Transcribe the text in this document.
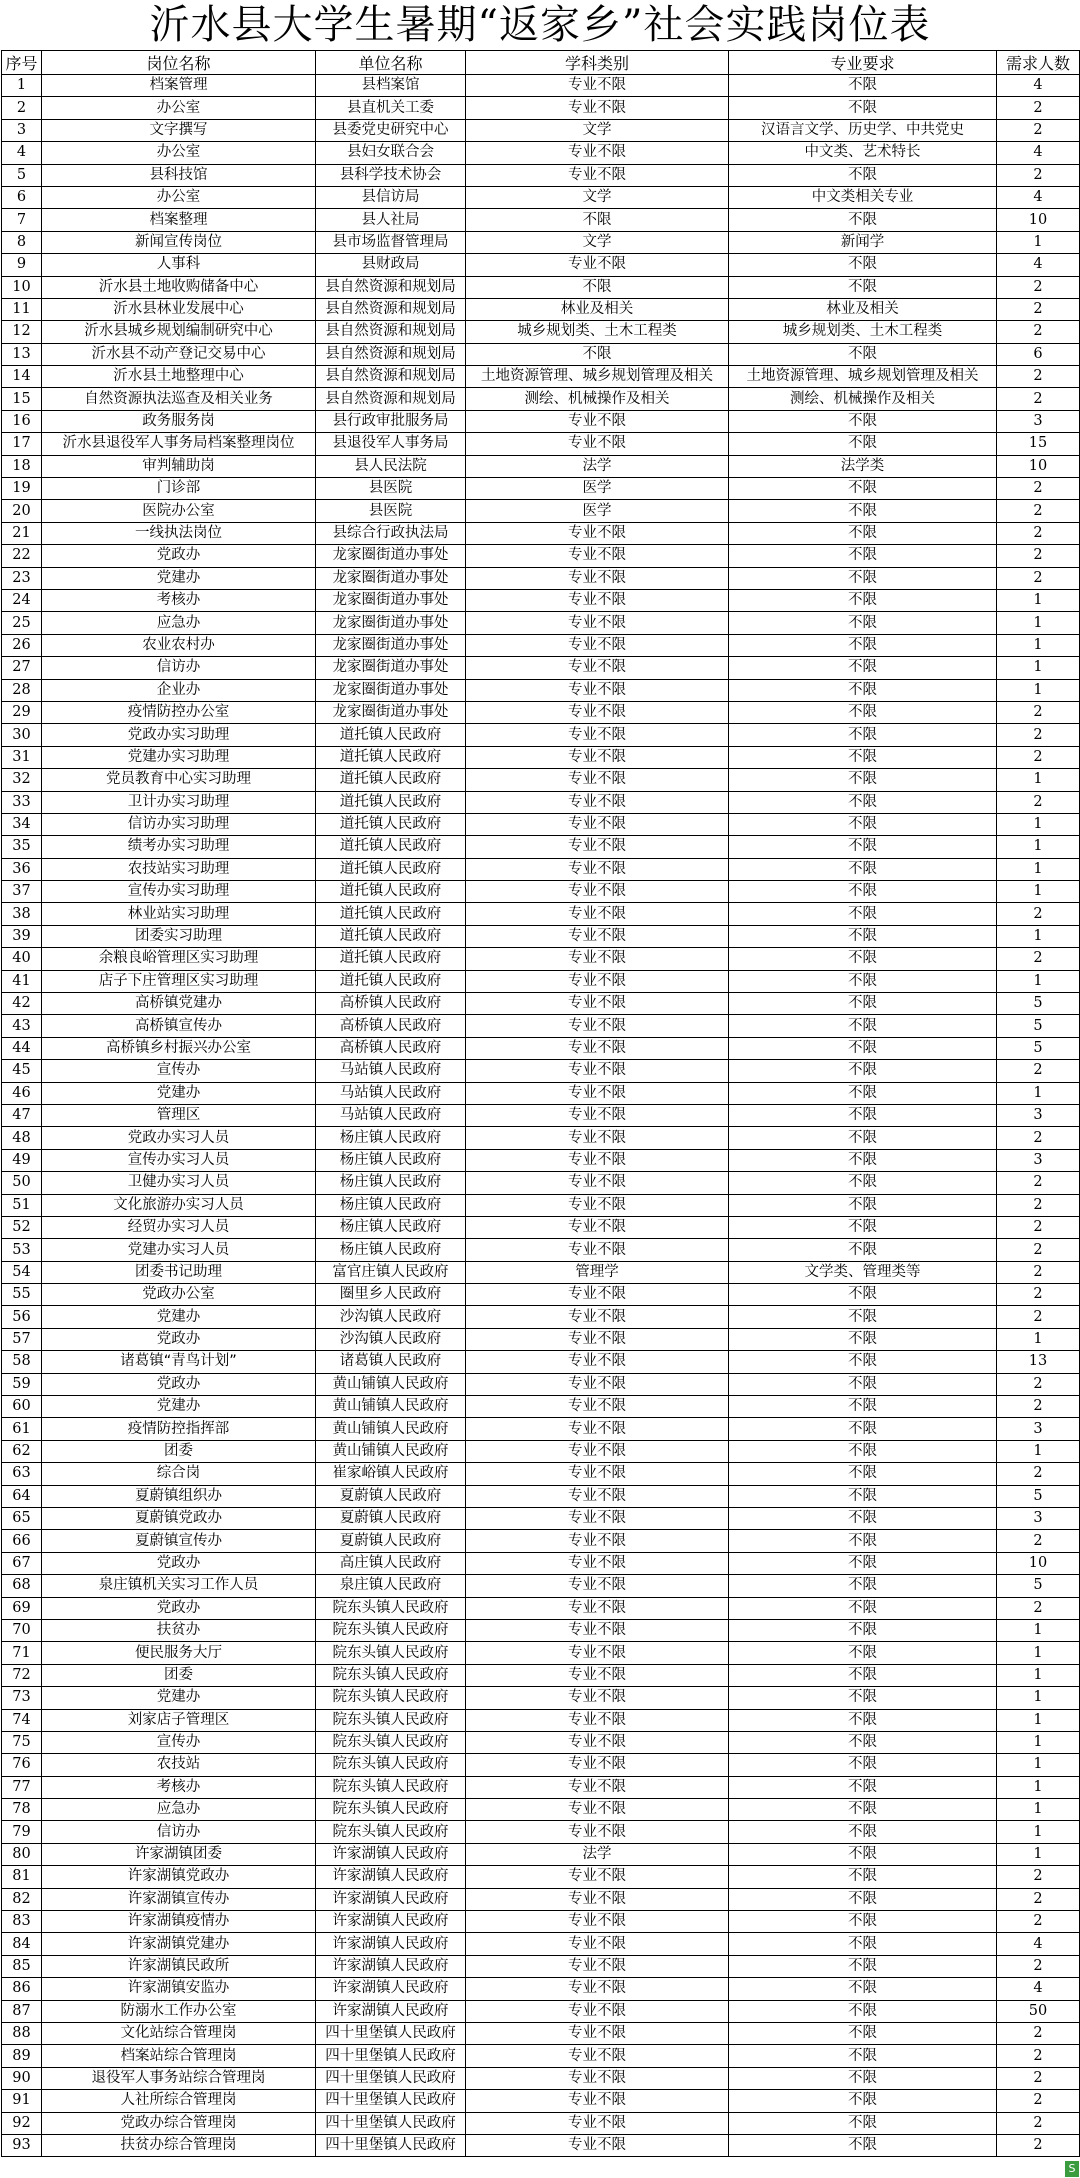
沂水县大学生暑期“返家乡”社会实践岗位表
序号	岗位名称	单位名称	学科类别	专业要求	需求人数
1	档案管理	县档案馆	专业不限	不限	4
2	办公室	县直机关工委	专业不限	不限	2
3	文字撰写	县委党史研究中心	文学	汉语言文学、历史学、中共党史	2
4	办公室	县妇女联合会	专业不限	中文类、艺术特长	4
5	县科技馆	县科学技术协会	专业不限	不限	2
6	办公室	县信访局	文学	中文类相关专业	4
7	档案整理	县人社局	不限	不限	10
8	新闻宣传岗位	县市场监督管理局	文学	新闻学	1
9	人事科	县财政局	专业不限	不限	4
10	沂水县土地收购储备中心	县自然资源和规划局	不限	不限	2
11	沂水县林业发展中心	县自然资源和规划局	林业及相关	林业及相关	2
12	沂水县城乡规划编制研究中心	县自然资源和规划局	城乡规划类、土木工程类	城乡规划类、土木工程类	2
13	沂水县不动产登记交易中心	县自然资源和规划局	不限	不限	6
14	沂水县土地整理中心	县自然资源和规划局	土地资源管理、城乡规划管理及相关	土地资源管理、城乡规划管理及相关	2
15	自然资源执法巡查及相关业务	县自然资源和规划局	测绘、机械操作及相关	测绘、机械操作及相关	2
16	政务服务岗	县行政审批服务局	专业不限	不限	3
17	沂水县退役军人事务局档案整理岗位	县退役军人事务局	专业不限	不限	15
18	审判辅助岗	县人民法院	法学	法学类	10
19	门诊部	县医院	医学	不限	2
20	医院办公室	县医院	医学	不限	2
21	一线执法岗位	县综合行政执法局	专业不限	不限	2
22	党政办	龙家圈街道办事处	专业不限	不限	2
23	党建办	龙家圈街道办事处	专业不限	不限	2
24	考核办	龙家圈街道办事处	专业不限	不限	1
25	应急办	龙家圈街道办事处	专业不限	不限	1
26	农业农村办	龙家圈街道办事处	专业不限	不限	1
27	信访办	龙家圈街道办事处	专业不限	不限	1
28	企业办	龙家圈街道办事处	专业不限	不限	1
29	疫情防控办公室	龙家圈街道办事处	专业不限	不限	2
30	党政办实习助理	道托镇人民政府	专业不限	不限	2
31	党建办实习助理	道托镇人民政府	专业不限	不限	2
32	党员教育中心实习助理	道托镇人民政府	专业不限	不限	1
33	卫计办实习助理	道托镇人民政府	专业不限	不限	2
34	信访办实习助理	道托镇人民政府	专业不限	不限	1
35	绩考办实习助理	道托镇人民政府	专业不限	不限	1
36	农技站实习助理	道托镇人民政府	专业不限	不限	1
37	宣传办实习助理	道托镇人民政府	专业不限	不限	1
38	林业站实习助理	道托镇人民政府	专业不限	不限	2
39	团委实习助理	道托镇人民政府	专业不限	不限	1
40	余粮良峪管理区实习助理	道托镇人民政府	专业不限	不限	2
41	店子下庄管理区实习助理	道托镇人民政府	专业不限	不限	1
42	高桥镇党建办	高桥镇人民政府	专业不限	不限	5
43	高桥镇宣传办	高桥镇人民政府	专业不限	不限	5
44	高桥镇乡村振兴办公室	高桥镇人民政府	专业不限	不限	5
45	宣传办	马站镇人民政府	专业不限	不限	2
46	党建办	马站镇人民政府	专业不限	不限	1
47	管理区	马站镇人民政府	专业不限	不限	3
48	党政办实习人员	杨庄镇人民政府	专业不限	不限	2
49	宣传办实习人员	杨庄镇人民政府	专业不限	不限	3
50	卫健办实习人员	杨庄镇人民政府	专业不限	不限	2
51	文化旅游办实习人员	杨庄镇人民政府	专业不限	不限	2
52	经贸办实习人员	杨庄镇人民政府	专业不限	不限	2
53	党建办实习人员	杨庄镇人民政府	专业不限	不限	2
54	团委书记助理	富官庄镇人民政府	管理学	文学类、管理类等	2
55	党政办公室	圈里乡人民政府	专业不限	不限	2
56	党建办	沙沟镇人民政府	专业不限	不限	2
57	党政办	沙沟镇人民政府	专业不限	不限	1
58	诸葛镇“青鸟计划”	诸葛镇人民政府	专业不限	不限	13
59	党政办	黄山铺镇人民政府	专业不限	不限	2
60	党建办	黄山铺镇人民政府	专业不限	不限	2
61	疫情防控指挥部	黄山铺镇人民政府	专业不限	不限	3
62	团委	黄山铺镇人民政府	专业不限	不限	1
63	综合岗	崔家峪镇人民政府	专业不限	不限	2
64	夏蔚镇组织办	夏蔚镇人民政府	专业不限	不限	5
65	夏蔚镇党政办	夏蔚镇人民政府	专业不限	不限	3
66	夏蔚镇宣传办	夏蔚镇人民政府	专业不限	不限	2
67	党政办	高庄镇人民政府	专业不限	不限	10
68	泉庄镇机关实习工作人员	泉庄镇人民政府	专业不限	不限	5
69	党政办	院东头镇人民政府	专业不限	不限	2
70	扶贫办	院东头镇人民政府	专业不限	不限	1
71	便民服务大厅	院东头镇人民政府	专业不限	不限	1
72	团委	院东头镇人民政府	专业不限	不限	1
73	党建办	院东头镇人民政府	专业不限	不限	1
74	刘家店子管理区	院东头镇人民政府	专业不限	不限	1
75	宣传办	院东头镇人民政府	专业不限	不限	1
76	农技站	院东头镇人民政府	专业不限	不限	1
77	考核办	院东头镇人民政府	专业不限	不限	1
78	应急办	院东头镇人民政府	专业不限	不限	1
79	信访办	院东头镇人民政府	专业不限	不限	1
80	许家湖镇团委	许家湖镇人民政府	法学	不限	1
81	许家湖镇党政办	许家湖镇人民政府	专业不限	不限	2
82	许家湖镇宣传办	许家湖镇人民政府	专业不限	不限	2
83	许家湖镇疫情办	许家湖镇人民政府	专业不限	不限	2
84	许家湖镇党建办	许家湖镇人民政府	专业不限	不限	4
85	许家湖镇民政所	许家湖镇人民政府	专业不限	不限	2
86	许家湖镇安监办	许家湖镇人民政府	专业不限	不限	4
87	防溺水工作办公室	许家湖镇人民政府	专业不限	不限	50
88	文化站综合管理岗	四十里堡镇人民政府	专业不限	不限	2
89	档案站综合管理岗	四十里堡镇人民政府	专业不限	不限	2
90	退役军人事务站综合管理岗	四十里堡镇人民政府	专业不限	不限	2
91	人社所综合管理岗	四十里堡镇人民政府	专业不限	不限	2
92	党政办综合管理岗	四十里堡镇人民政府	专业不限	不限	2
93	扶贫办综合管理岗	四十里堡镇人民政府	专业不限	不限	2
S
